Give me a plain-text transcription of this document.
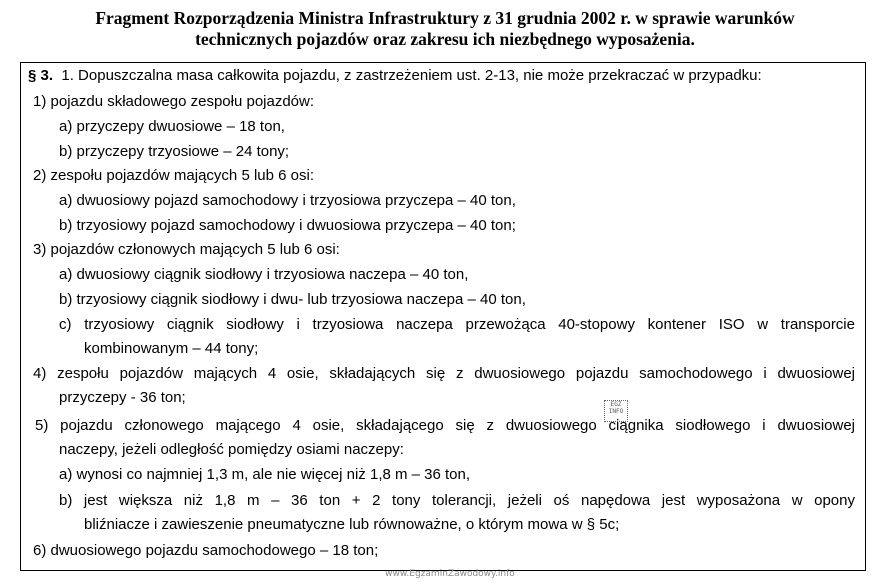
Fragment Rozporządzenia Ministra Infrastruktury z 31 grudnia 2002 r. w sprawie warunków
technicznych pojazdów oraz zakresu ich niezbędnego wyposażenia.
§ 3. 1. Dopuszczalna masa całkowita pojazdu, z zastrzeżeniem ust. 2-13, nie może przekraczać w przypadku:
1) pojazdu składowego zespołu pojazdów:
a) przyczepy dwuosiowe – 18 ton,
b) przyczepy trzyosiowe – 24 tony;
2) zespołu pojazdów mających 5 lub 6 osi:
a) dwuosiowy pojazd samochodowy i trzyosiowa przyczepa – 40 ton,
b) trzyosiowy pojazd samochodowy i dwuosiowa przyczepa – 40 ton;
3) pojazdów członowych mających 5 lub 6 osi:
a) dwuosiowy ciągnik siodłowy i trzyosiowa naczepa – 40 ton,
b) trzyosiowy ciągnik siodłowy i dwu- lub trzyosiowa naczepa – 40 ton,
c) trzyosiowy ciągnik siodłowy i trzyosiowa naczepa przewożąca 40-stopowy kontener ISO w transporcie
kombinowanym – 44 tony;
4) zespołu pojazdów mających 4 osie, składających się z dwuosiowego pojazdu samochodowego i dwuosiowej
przyczepy - 36 ton;
5) pojazdu członowego mającego 4 osie, składającego się z dwuosiowego ciągnika siodłowego i dwuosiowej
naczepy, jeżeli odległość pomiędzy osiami naczepy:
a) wynosi co najmniej 1,3 m, ale nie więcej niż 1,8 m – 36 ton,
b) jest większa niż 1,8 m – 36 ton + 2 tony tolerancji, jeżeli oś napędowa jest wyposażona w opony
bliźniacze i zawieszenie pneumatyczne lub równoważne, o którym mowa w § 5c;
6) dwuosiowego pojazdu samochodowego – 18 ton;
EGZ INFO
www.EgzaminZawodowy.info
